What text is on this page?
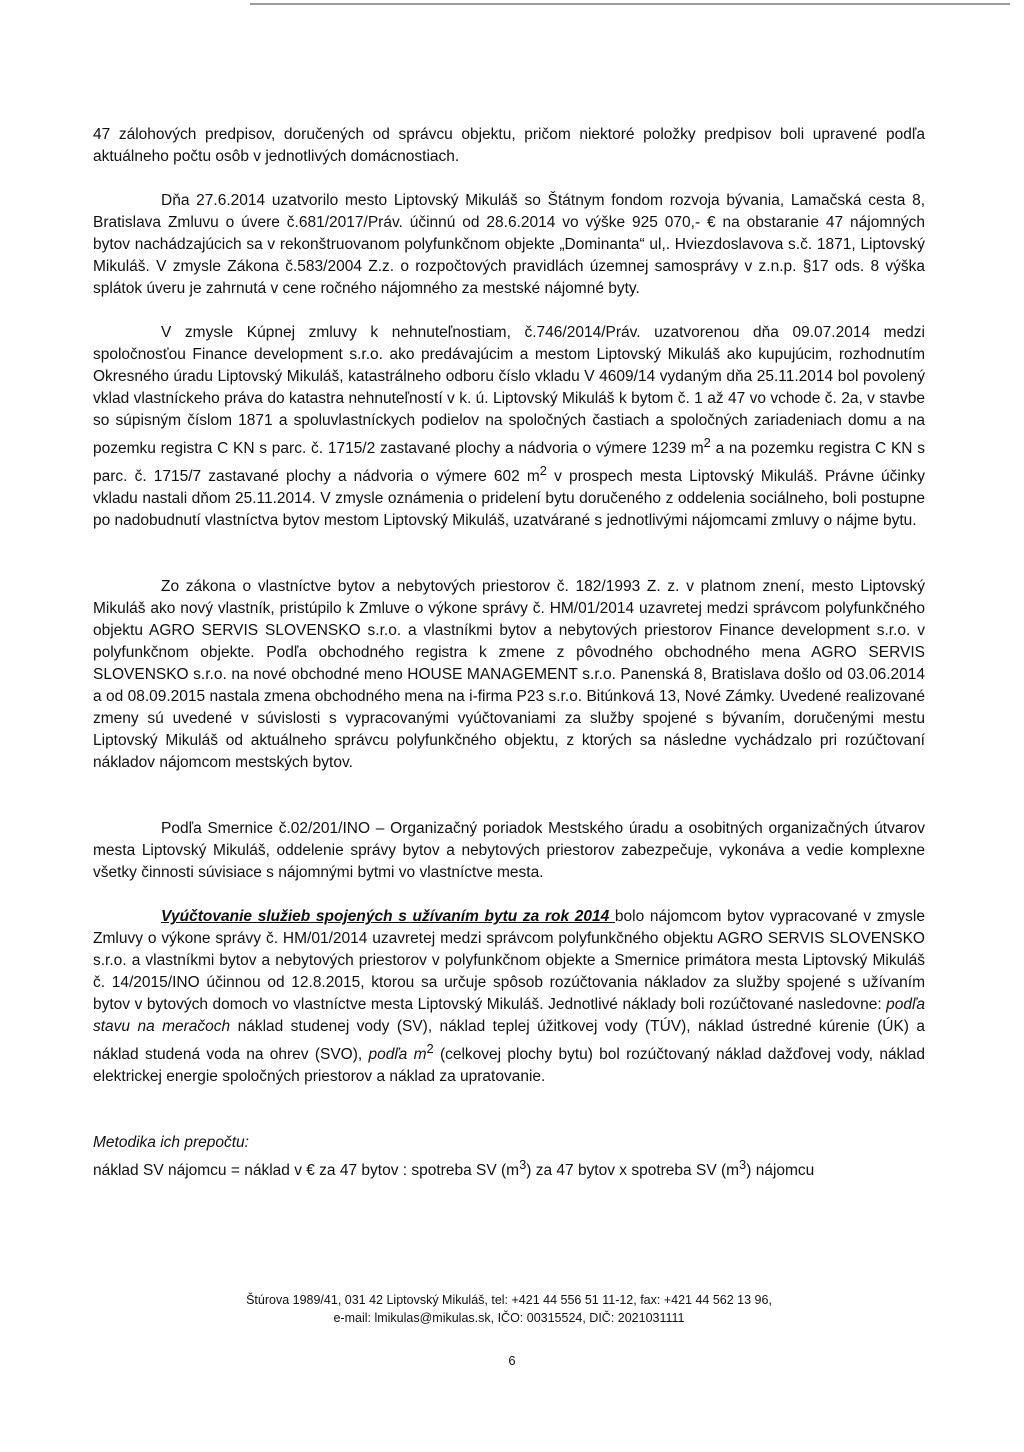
47 zálohových predpisov, doručených od správcu objektu, pričom niektoré položky predpisov boli upravené podľa aktuálneho počtu osôb v jednotlivých domácnostiach.

Dňa 27.6.2014 uzatvorilo mesto Liptovský Mikuláš so Štátnym fondom rozvoja bývania, Lamačská cesta 8, Bratislava Zmluvu o úvere č.681/2017/Práv. účinnú od 28.6.2014 vo výške 925 070,- € na obstaranie 47 nájomných bytov nachádzajúcich sa v rekonštruovanom polyfunkčnom objekte „Dominanta“ ul,. Hviezdoslavova s.č. 1871, Liptovský Mikuláš. V zmysle Zákona č.583/2004 Z.z. o rozpočtových pravidlách územnej samosprávy v z.n.p. §17 ods. 8 výška splátok úveru je zahrnutá v cene ročného nájomného za mestské nájomné byty.

V zmysle Kúpnej zmluvy k nehnuteľnostiam, č.746/2014/Práv. uzatvorenou dňa 09.07.2014 medzi spoločnosťou Finance development s.r.o. ako predávajúcim a mestom Liptovský Mikuláš ako kupujúcim, rozhodnutím Okresného úradu Liptovský Mikuláš, katastrálneho odboru číslo vkladu V 4609/14 vydaným dňa 25.11.2014 bol povolený vklad vlastníckeho práva do katastra nehnuteľností v k. ú. Liptovský Mikuláš k bytom č. 1 až 47 vo vchode č. 2a, v stavbe so súpisným číslom 1871 a spoluvlastníckych podielov na spoločných častiach a spoločných zariadeniach domu a na pozemku registra C KN s parc. č. 1715/2 zastavané plochy a nádvoria o výmere 1239 $m^2$ a na pozemku registra C KN s parc. č. 1715/7 zastavané plochy a nádvoria o výmere 602 $m^2$ v prospech mesta Liptovský Mikuláš. Právne účinky vkladu nastali dňom 25.11.2014. V zmysle oznámenia o pridelení bytu doručeného z oddelenia sociálneho, boli postupne po nadobudnutí vlastníctva bytov mestom Liptovský Mikuláš, uzatvárané s jednotlivými nájomcami zmluvy o nájme bytu.

Zo zákona o vlastníctve bytov a nebytových priestorov č. 182/1993 Z. z. v platnom znení, mesto Liptovský Mikuláš ako nový vlastník, pristúpilo k Zmluve o výkone správy č. HM/01/2014 uzavretej medzi správcom polyfunkčného objektu AGRO SERVIS SLOVENSKO s.r.o. a vlastníkmi bytov a nebytových priestorov Finance development s.r.o. v polyfunkčnom objekte. Podľa obchodného registra k zmene z pôvodného obchodného mena AGRO SERVIS SLOVENSKO s.r.o. na nové obchodné meno HOUSE MANAGEMENT s.r.o. Panenská 8, Bratislava došlo od 03.06.2014 a od 08.09.2015 nastala zmena obchodného mena na i-firma P23 s.r.o. Bitúnková 13, Nové Zámky. Uvedené realizované zmeny sú uvedené v súvislosti s vypracovanými vyúčtovaniami za služby spojené s bývaním, doručenými mestu Liptovský Mikuláš od aktuálneho správcu polyfunkčného objektu, z ktorých sa následne vychádzalo pri rozúčtovaní nákladov nájomcom mestských bytov.

Podľa Smernice č.02/201/INO – Organizačný poriadok Mestského úradu a osobitných organizačných útvarov mesta Liptovský Mikuláš, oddelenie správy bytov a nebytových priestorov zabezpečuje, vykonáva a vedie komplexne všetky činnosti súvisiace s nájomnými bytmi vo vlastníctve mesta.

Vyúčtovanie služieb spojených s užívaním bytu za rok 2014 bolo nájomcom bytov vypracované v zmysle Zmluvy o výkone správy č. HM/01/2014 uzavretej medzi správcom polyfunkčného objektu AGRO SERVIS SLOVENSKO s.r.o. a vlastníkmi bytov a nebytových priestorov v polyfunkčnom objekte a Smernice primátora mesta Liptovský Mikuláš č. 14/2015/INO účinnou od 12.8.2015, ktorou sa určuje spôsob rozúčtovania nákladov za služby spojené s užívaním bytov v bytových domoch vo vlastníctve mesta Liptovský Mikuláš. Jednotlivé náklady boli rozúčtované nasledovne: podľa stavu na meračoch náklad studenej vody (SV), náklad teplej úžitkovej vody (TÚV), náklad ústredné kúrenie (ÚK) a náklad studená voda na ohrev (SVO), podľa $m^2$ (celkovej plochy bytu) bol rozúčtovaný náklad dažďovej vody, náklad elektrickej energie spoločných priestorov a náklad za upratovanie.

Metodika ich prepočtu:

náklad SV nájomcu = náklad v € za 47 bytov : spotreba SV $(m^3)$ za 47 bytov x spotreba SV $(m^3)$ nájomcu

Štúrova 1989/41, 031 42 Liptovský Mikuláš, tel: +421 44 556 51 11-12, fax: +421 44 562 13 96,
e-mail: lmikulas@mikulas.sk, IČO: 00315524, DIČ: 2021031111
6
